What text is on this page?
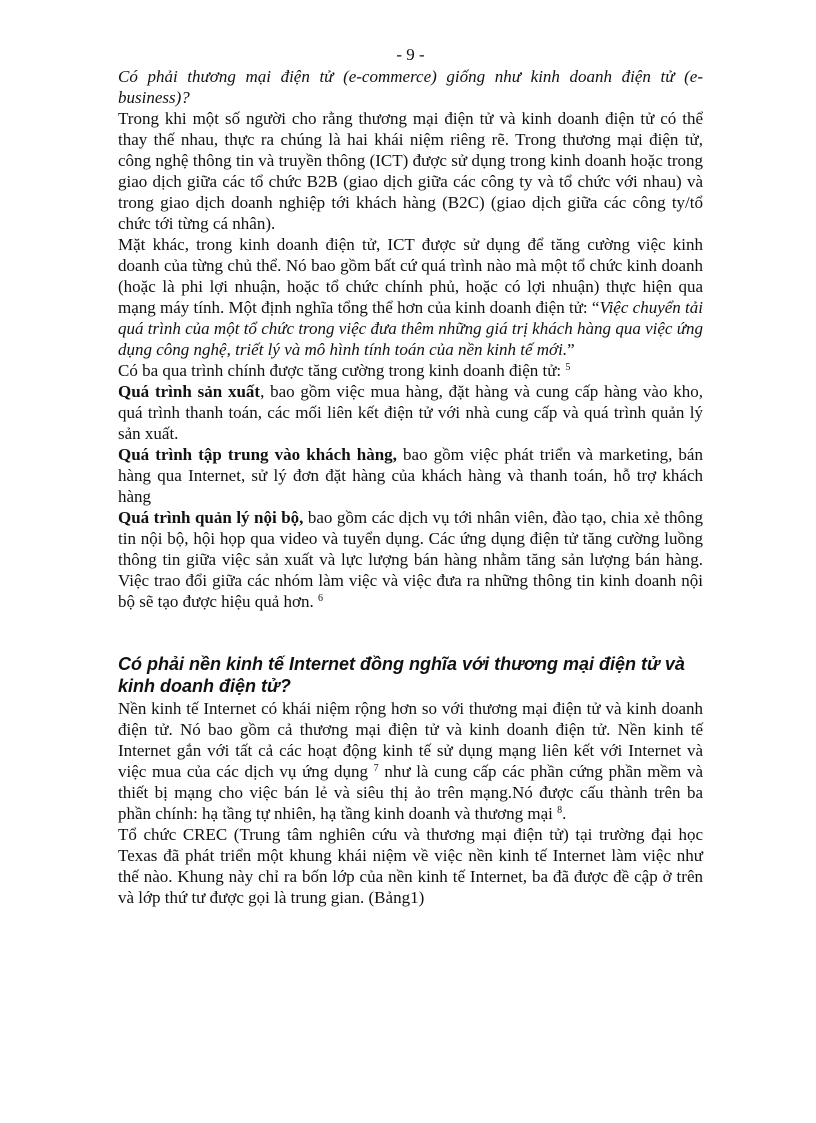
- 9 -

Có phải thương mại điện tử (e-commerce) giống như kinh doanh điện tử (e-business)?

Trong khi một số người cho rằng thương mại điện tử và kinh doanh điện tử có thể thay thế nhau, thực ra chúng là hai khái niệm riêng rẽ. Trong thương mại điện tử, công nghệ thông tin và truyền thông (ICT) được sử dụng trong kinh doanh hoặc trong giao dịch giữa các tổ chức B2B (giao dịch giữa các công ty và tổ chức với nhau) và trong giao dịch doanh nghiệp tới khách hàng (B2C) (giao dịch giữa các công ty/tổ chức tới từng cá nhân).

Mặt khác, trong kinh doanh điện tử, ICT được sử dụng để tăng cường việc kinh doanh của từng chủ thể. Nó bao gồm bất cứ quá trình nào mà một tổ chức kinh doanh (hoặc là phi lợi nhuận, hoặc tổ chức chính phủ, hoặc có lợi nhuận) thực hiện qua mạng máy tính. Một định nghĩa tổng thể hơn của kinh doanh điện tử: “Việc chuyển tải quá trình của một tổ chức trong việc đưa thêm những giá trị khách hàng qua việc ứng dụng công nghệ, triết lý và mô hình tính toán của nền kinh tế mới.”

Có ba qua trình chính được tăng cường trong kinh doanh điện tử: $^5$

Quá trình sản xuất, bao gồm việc mua hàng, đặt hàng và cung cấp hàng vào kho, quá trình thanh toán, các mối liên kết điện tử với nhà cung cấp và quá trình quản lý sản xuất.

Quá trình tập trung vào khách hàng, bao gồm việc phát triển và marketing, bán hàng qua Internet, sử lý đơn đặt hàng của khách hàng và thanh toán, hỗ trợ khách hàng

Quá trình quản lý nội bộ, bao gồm các dịch vụ tới nhân viên, đào tạo, chia xẻ thông tin nội bộ, hội họp qua video và tuyển dụng. Các ứng dụng điện tử tăng cường luồng thông tin giữa việc sản xuất và lực lượng bán hàng nhằm tăng sản lượng bán hàng. Việc trao đổi giữa các nhóm làm việc và việc đưa ra những thông tin kinh doanh nội bộ sẽ tạo được hiệu quả hơn. $^6$

Có phải nền kinh tế Internet đồng nghĩa với thương mại điện tử và kinh doanh điện tử?

Nền kinh tế Internet có khái niệm rộng hơn so với thương mại điện tử và kinh doanh điện tử. Nó bao gồm cả thương mại điện tử và kinh doanh điện tử. Nền kinh tế Internet gắn với tất cả các hoạt động kinh tế sử dụng mạng liên kết với Internet và việc mua của các dịch vụ ứng dụng $^7$ như là cung cấp các phần cứng phần mềm và thiết bị mạng cho việc bán lẻ và siêu thị ảo trên mạng.Nó được cấu thành trên ba phần chính: hạ tầng tự nhiên, hạ tầng kinh doanh và thương mại $^8$.

Tổ chức CREC (Trung tâm nghiên cứu và thương mại điện tử) tại trường đại học Texas đã phát triển một khung khái niệm về việc nền kinh tế Internet làm việc như thế nào. Khung này chỉ ra bốn lớp của nền kinh tế Internet, ba đã được đề cập ở trên và lớp thứ tư được gọi là trung gian. (Bảng1)
